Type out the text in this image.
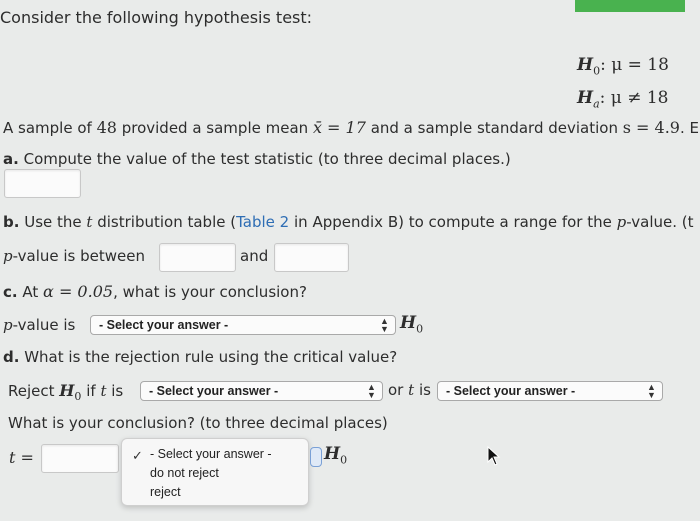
Consider the following hypothesis test:
$H_0$: μ = 18
$H_a$: μ ≠ 18
A sample of 48 provided a sample mean x̄ = 17 and a sample standard deviation s = 4.9. E
a. Compute the value of the test statistic (to three decimal places.)
b. Use the t distribution table (Table 2 in Appendix B) to compute a range for the p-value. (t
p-value is between	and
c. At α = 0.05, what is your conclusion?
p-value is	- Select your answer -	▲
▼ $H_0$
d. What is the rejection rule using the critical value?
Reject $H_0$ if t is	- Select your answer -	▲
▼ or t is	- Select your answer -	▲
▼
What is your conclusion? (to three decimal places)
t =	✓ - Select your answer -
do not reject
reject
$H_0$
